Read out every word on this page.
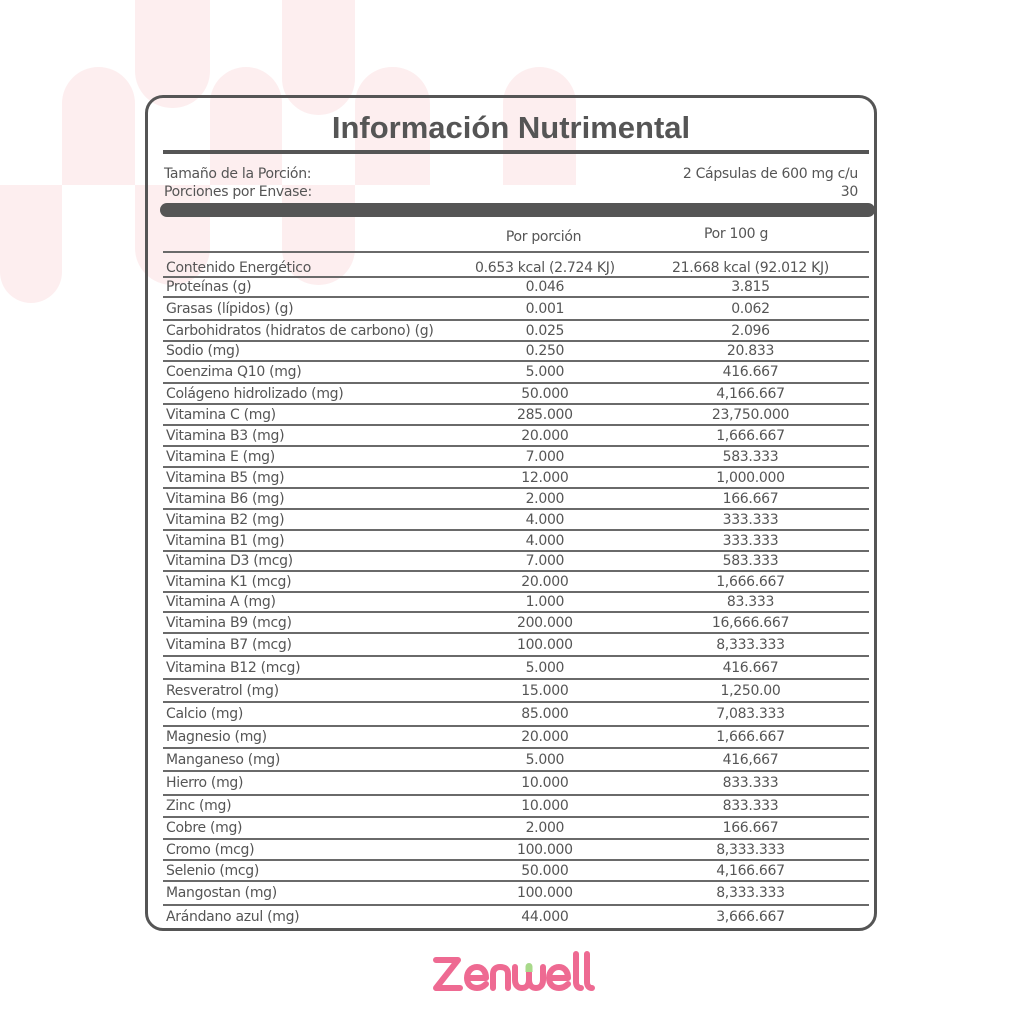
Información Nutrimental
Tamaño de la Porción:	2 Cápsulas de 600 mg c/u
Porciones por Envase:	30
Por porción	Por 100 g
Contenido Energético	0.653 kcal (2.724 KJ)	21.668 kcal (92.012 KJ)
Proteínas (g)	0.046	3.815
Grasas (lípidos) (g)	0.001	0.062
Carbohidratos (hidratos de carbono) (g)	0.025	2.096
Sodio (mg)	0.250	20.833
Coenzima Q10 (mg)	5.000	416.667
Colágeno hidrolizado (mg)	50.000	4,166.667
Vitamina C (mg)	285.000	23,750.000
Vitamina B3 (mg)	20.000	1,666.667
Vitamina E (mg)	7.000	583.333
Vitamina B5 (mg)	12.000	1,000.000
Vitamina B6 (mg)	2.000	166.667
Vitamina B2 (mg)	4.000	333.333
Vitamina B1 (mg)	4.000	333.333
Vitamina D3 (mcg)	7.000	583.333
Vitamina K1 (mcg)	20.000	1,666.667
Vitamina A (mg)	1.000	83.333
Vitamina B9 (mcg)	200.000	16,666.667
Vitamina B7 (mcg)	100.000	8,333.333
Vitamina B12 (mcg)	5.000	416.667
Resveratrol (mg)	15.000	1,250.00
Calcio (mg)	85.000	7,083.333
Magnesio (mg)	20.000	1,666.667
Manganeso (mg)	5.000	416,667
Hierro (mg)	10.000	833.333
Zinc (mg)	10.000	833.333
Cobre (mg)	2.000	166.667
Cromo (mcg)	100.000	8,333.333
Selenio (mcg)	50.000	4,166.667
Mangostan (mg)	100.000	8,333.333
Arándano azul (mg)	44.000	3,666.667
